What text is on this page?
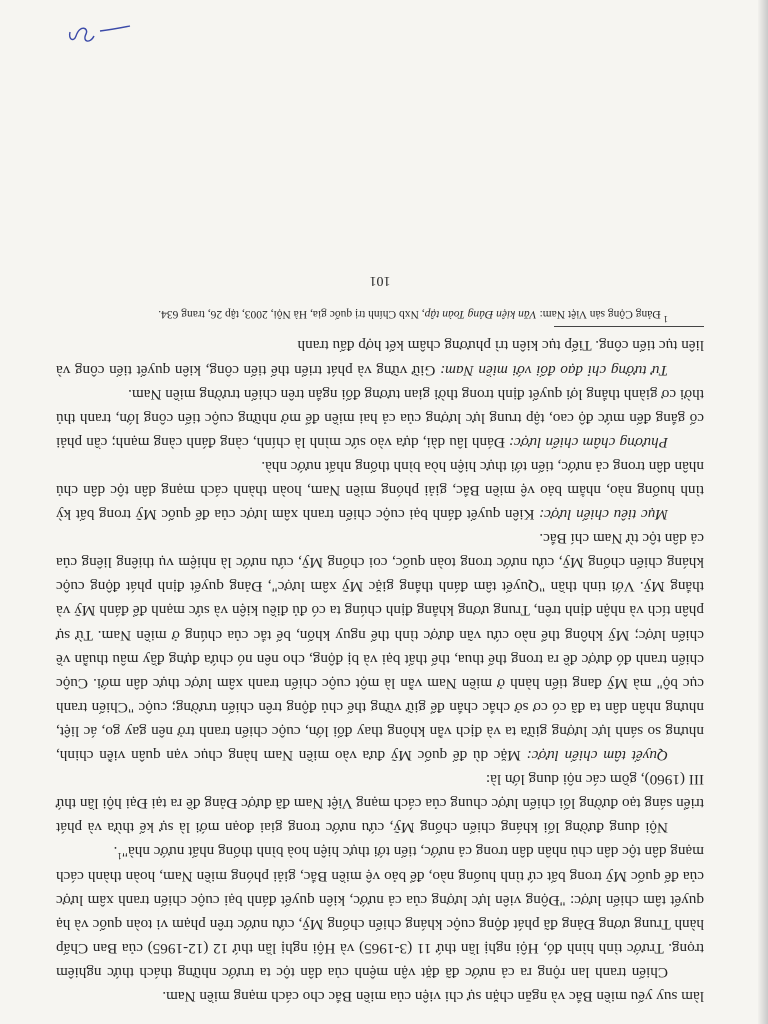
làm suy yếu miền Bắc và ngăn chặn sự chi viện của miền Bắc cho cách mạng miền Nam.

Chiến tranh lan rộng ra cả nước đã đặt vận mệnh của dân tộc ta trước những thách thức nghiêm trọng. Trước tình hình đó, Hội nghị lần thứ 11 (3-1965) và Hội nghị lần thứ 12 (12-1965) của Ban Chấp hành Trung ương Đảng đã phát động cuộc kháng chiến chống Mỹ, cứu nước trên phạm vi toàn quốc và hạ quyết tâm chiến lược: "Động viên lực lượng của cả nước, kiên quyết đánh bại cuộc chiến tranh xâm lược của đế quốc Mỹ trong bất cứ tình huống nào, để bảo vệ miền Bắc, giải phóng miền Nam, hoàn thành cách mạng dân tộc dân chủ nhân dân trong cả nước, tiến tới thực hiện hoà bình thống nhất nước nhà"$^1$.

Nội dung đường lối kháng chiến chống Mỹ, cứu nước trong giai đoạn mới là sự kế thừa và phát triển sáng tạo đường lối chiến lược chung của cách mạng Việt Nam đã được Đảng đề ra tại Đại hội lần thứ III (1960), gồm các nội dung lớn là:

Quyết tâm chiến lược: Mặc dù đế quốc Mỹ đưa vào miền Nam hàng chục vạn quân viễn chinh, nhưng so sánh lực lượng giữa ta và địch vẫn không thay đổi lớn, cuộc chiến tranh trở nên gay go, ác liệt, nhưng nhân dân ta đã có cơ sở chắc chắn để giữ vững thế chủ động trên chiến trường; cuộc "Chiến tranh cục bộ" mà Mỹ đang tiến hành ở miền Nam vẫn là một cuộc chiến tranh xâm lược thực dân mới. Cuộc chiến tranh đó được đề ra trong thế thua, thế thất bại và bị động, cho nên nó chứa đựng đầy mâu thuẫn về chiến lược; Mỹ không thể nào cứu vãn được tình thế nguy khốn, bế tắc của chúng ở miền Nam. Từ sự phân tích và nhận định trên, Trung ương khẳng định chúng ta có đủ điều kiện và sức mạnh để đánh Mỹ và thắng Mỹ. Với tinh thần "Quyết tâm đánh thắng giặc Mỹ xâm lược", Đảng quyết định phát động cuộc kháng chiến chống Mỹ, cứu nước trong toàn quốc, coi chống Mỹ, cứu nước là nhiệm vụ thiêng liêng của cả dân tộc từ Nam chí Bắc.

Mục tiêu chiến lược: Kiên quyết đánh bại cuộc chiến tranh xâm lược của đế quốc Mỹ trong bất kỳ tình huống nào, nhằm bảo vệ miền Bắc, giải phóng miền Nam, hoàn thành cách mạng dân tộc dân chủ nhân dân trong cả nước, tiến tới thực hiện hòa bình thống nhất nước nhà.

Phương châm chiến lược: Đánh lâu dài, dựa vào sức mình là chính, càng đánh càng mạnh; cần phải cố gắng đến mức độ cao, tập trung lực lượng của cả hai miền để mở những cuộc tiến công lớn, tranh thủ thời cơ giành thắng lợi quyết định trong thời gian tương đối ngắn trên chiến trường miền Nam.

Tư tưởng chỉ đạo đối với miền Nam: Giữ vững và phát triển thế tiến công, kiên quyết tiến công và liên tục tiến công. Tiếp tục kiên trì phương châm kết hợp đấu tranh

$^1$ Đảng Cộng sản Việt Nam: Văn kiện Đảng Toàn tập, Nxb Chính trị quốc gia, Hà Nội, 2003, tập 26, trang 634.

101
